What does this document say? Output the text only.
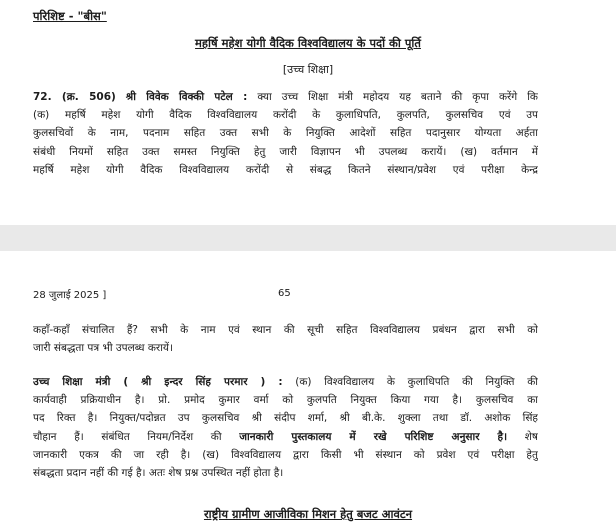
परिशिष्ट - "बीस"
महर्षि महेश योगी वैदिक विश्वविद्यालय के पदों की पूर्ति
[उच्च शिक्षा]
72. (क्र. 506) श्री विवेक विक्की पटेल : क्या उच्च शिक्षा मंत्री महोदय यह बताने की कृपा करेंगे कि
(क) महर्षि महेश योगी वैदिक विश्वविद्यालय करोंदी के कुलाधिपति, कुलपति, कुलसचिव एवं उप
कुलसचिवों के नाम, पदनाम सहित उक्त सभी के नियुक्ति आदेशों सहित पदानुसार योग्यता अर्हता
संबंधी नियमों सहित उक्त समस्त नियुक्ति हेतु जारी विज्ञापन भी उपलब्ध करायें। (ख) वर्तमान में
महर्षि महेश योगी वैदिक विश्वविद्यालय करोंदी से संबद्ध कितने संस्थान/प्रवेश एवं परीक्षा केन्द्र
28 जुलाई 2025 ]	65
कहाँ-कहाँ संचालित हैं? सभी के नाम एवं स्थान की सूची सहित विश्वविद्यालय प्रबंधन द्वारा सभी को
जारी संबद्धता पत्र भी उपलब्ध करायें।
उच्च शिक्षा मंत्री ( श्री इन्दर सिंह परमार ) : (क) विश्वविद्यालय के कुलाधिपति की नियुक्ति की
कार्यवाही प्रक्रियाधीन है। प्रो. प्रमोद कुमार वर्मा को कुलपति नियुक्त किया गया है। कुलसचिव का
पद रिक्त है। नियुक्त/पदोन्नत उप कुलसचिव श्री संदीप शर्मा, श्री बी.के. शुक्ला तथा डॉ. अशोक सिंह
चौहान हैं। संबंधित नियम/निर्देश की जानकारी पुस्तकालय में रखे परिशिष्ट अनुसार है। शेष
जानकारी एकत्र की जा रही है। (ख) विश्वविद्यालय द्वारा किसी भी संस्थान को प्रवेश एवं परीक्षा हेतु
संबद्धता प्रदान नहीं की गई है। अतः शेष प्रश्न उपस्थित नहीं होता है।
राष्ट्रीय ग्रामीण आजीविका मिशन हेतु बजट आवंटन
